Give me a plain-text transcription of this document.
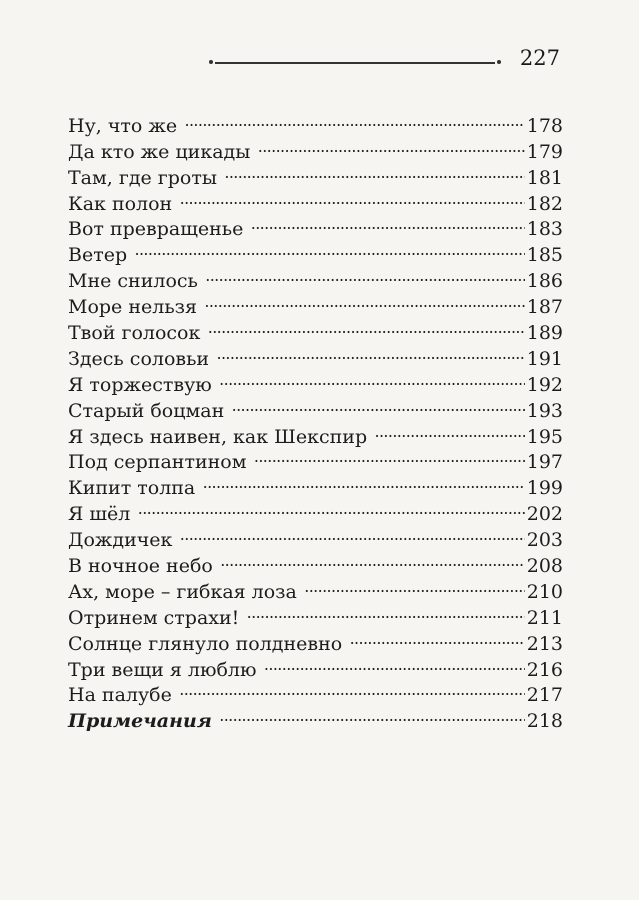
227
Ну, что же . . .	178
Да кто же цикады . . .	179
Там, где гроты . . .	181
Как полон . . .	182
Вот превращенье . . .	183
Ветер . . .	185
Мне снилось . . .	186
Море нельзя . . .	187
Твой голосок . . .	189
Здесь соловьи . . .	191
Я торжествую . . .	192
Старый боцман . . .	193
Я здесь наивен, как Шекспир . . .	195
Под серпантином . . .	197
Кипит толпа . . .	199
Я шёл . . .	202
Дождичек . . .	203
В ночное небо . . .	208
Ах, море – гибкая лоза . . .	210
Отринем страхи! . . .	211
Солнце глянуло полдневно . . .	213
Три вещи я люблю . . .	216
На палубе . . .	217
Примечания . . .	218
